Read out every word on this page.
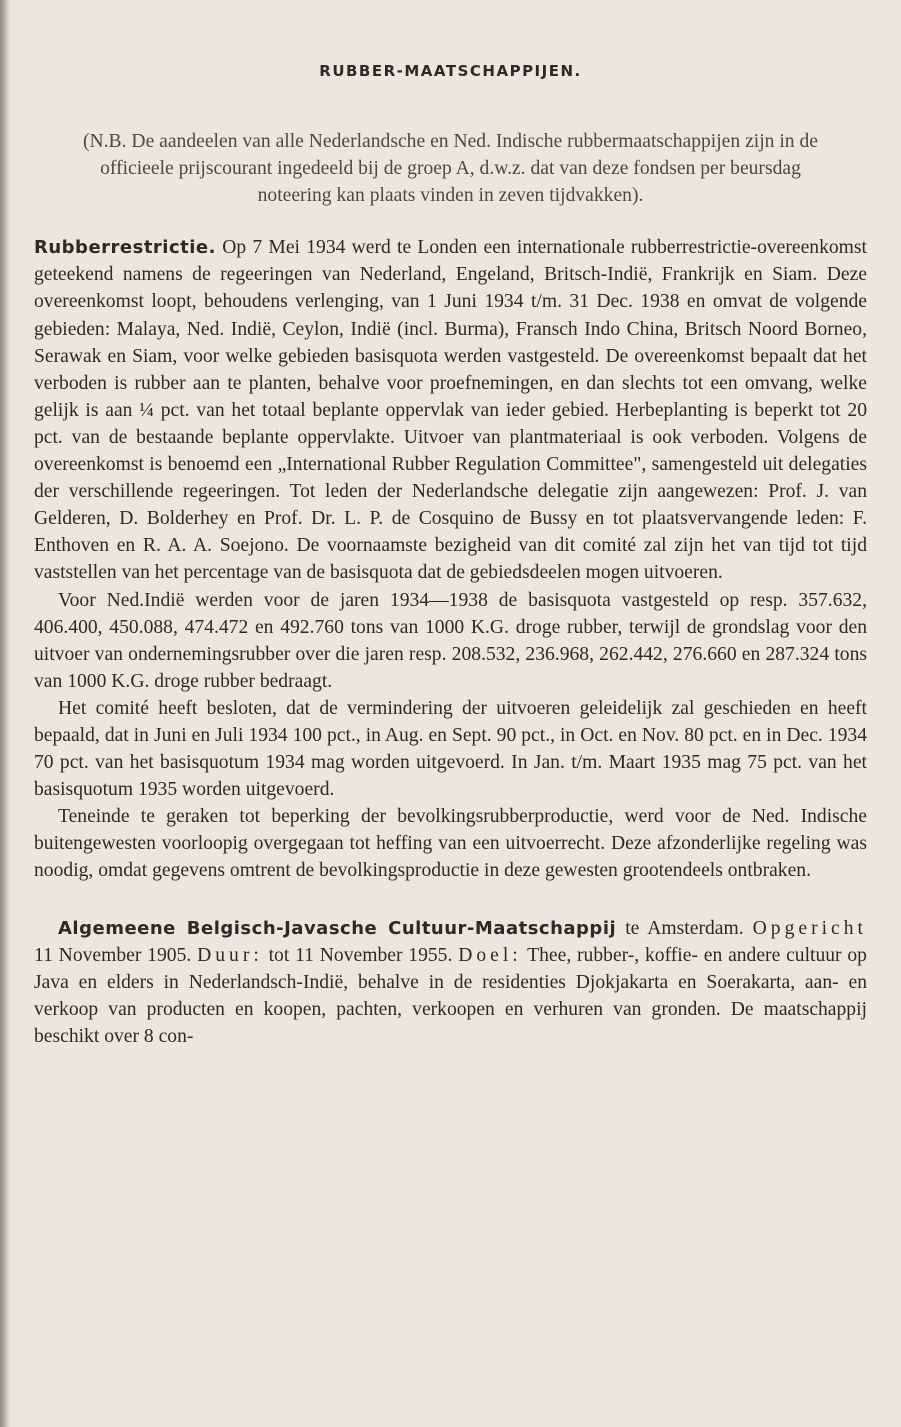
RUBBER-MAATSCHAPPIJEN.

(N.B. De aandeelen van alle Nederlandsche en Ned. Indische rubbermaatschappijen zijn in de officieele prijscourant ingedeeld bij de groep A, d.w.z. dat van deze fondsen per beursdag noteering kan plaats vinden in zeven tijdvakken).

Rubberrestrictie. Op 7 Mei 1934 werd te Londen een internationale rubberrestrictie-overeenkomst geteekend namens de regeeringen van Nederland, Engeland, Britsch-Indië, Frankrijk en Siam. Deze overeenkomst loopt, behoudens verlenging, van 1 Juni 1934 t/m. 31 Dec. 1938 en omvat de volgende gebieden: Malaya, Ned. Indië, Ceylon, Indië (incl. Burma), Fransch Indo China, Britsch Noord Borneo, Serawak en Siam, voor welke gebieden basisquota werden vastgesteld. De overeenkomst bepaalt dat het verboden is rubber aan te planten, behalve voor proefnemingen, en dan slechts tot een omvang, welke gelijk is aan ¼ pct. van het totaal beplante oppervlak van ieder gebied. Herbeplanting is beperkt tot 20 pct. van de bestaande beplante oppervlakte. Uitvoer van plantmateriaal is ook verboden. Volgens de overeenkomst is benoemd een „International Rubber Regulation Committee", samengesteld uit delegaties der verschillende regeeringen. Tot leden der Nederlandsche delegatie zijn aangewezen: Prof. J. van Gelderen, D. Bolderhey en Prof. Dr. L. P. de Cosquino de Bussy en tot plaatsvervangende leden: F. Enthoven en R. A. A. Soejono. De voornaamste bezigheid van dit comité zal zijn het van tijd tot tijd vaststellen van het percentage van de basisquota dat de gebiedsdeelen mogen uitvoeren.

Voor Ned.Indië werden voor de jaren 1934—1938 de basisquota vastgesteld op resp. 357.632, 406.400, 450.088, 474.472 en 492.760 tons van 1000 K.G. droge rubber, terwijl de grondslag voor den uitvoer van ondernemingsrubber over die jaren resp. 208.532, 236.968, 262.442, 276.660 en 287.324 tons van 1000 K.G. droge rubber bedraagt.

Het comité heeft besloten, dat de vermindering der uitvoeren geleidelijk zal geschieden en heeft bepaald, dat in Juni en Juli 1934 100 pct., in Aug. en Sept. 90 pct., in Oct. en Nov. 80 pct. en in Dec. 1934 70 pct. van het basisquotum 1934 mag worden uitgevoerd. In Jan. t/m. Maart 1935 mag 75 pct. van het basisquotum 1935 worden uitgevoerd.

Teneinde te geraken tot beperking der bevolkingsrubberproductie, werd voor de Ned. Indische buitengewesten voorloopig overgegaan tot heffing van een uitvoerrecht. Deze afzonderlijke regeling was noodig, omdat gegevens omtrent de bevolkingsproductie in deze gewesten grootendeels ontbraken.

Algemeene Belgisch-Javasche Cultuur-Maatschappij te Amsterdam. Opgericht 11 November 1905. Duur: tot 11 November 1955. Doel: Thee, rubber-, koffie- en andere cultuur op Java en elders in Nederlandsch-Indië, behalve in de residenties Djokjakarta en Soerakarta, aan- en verkoop van producten en koopen, pachten, verkoopen en verhuren van gronden. De maatschappij beschikt over 8 con-
